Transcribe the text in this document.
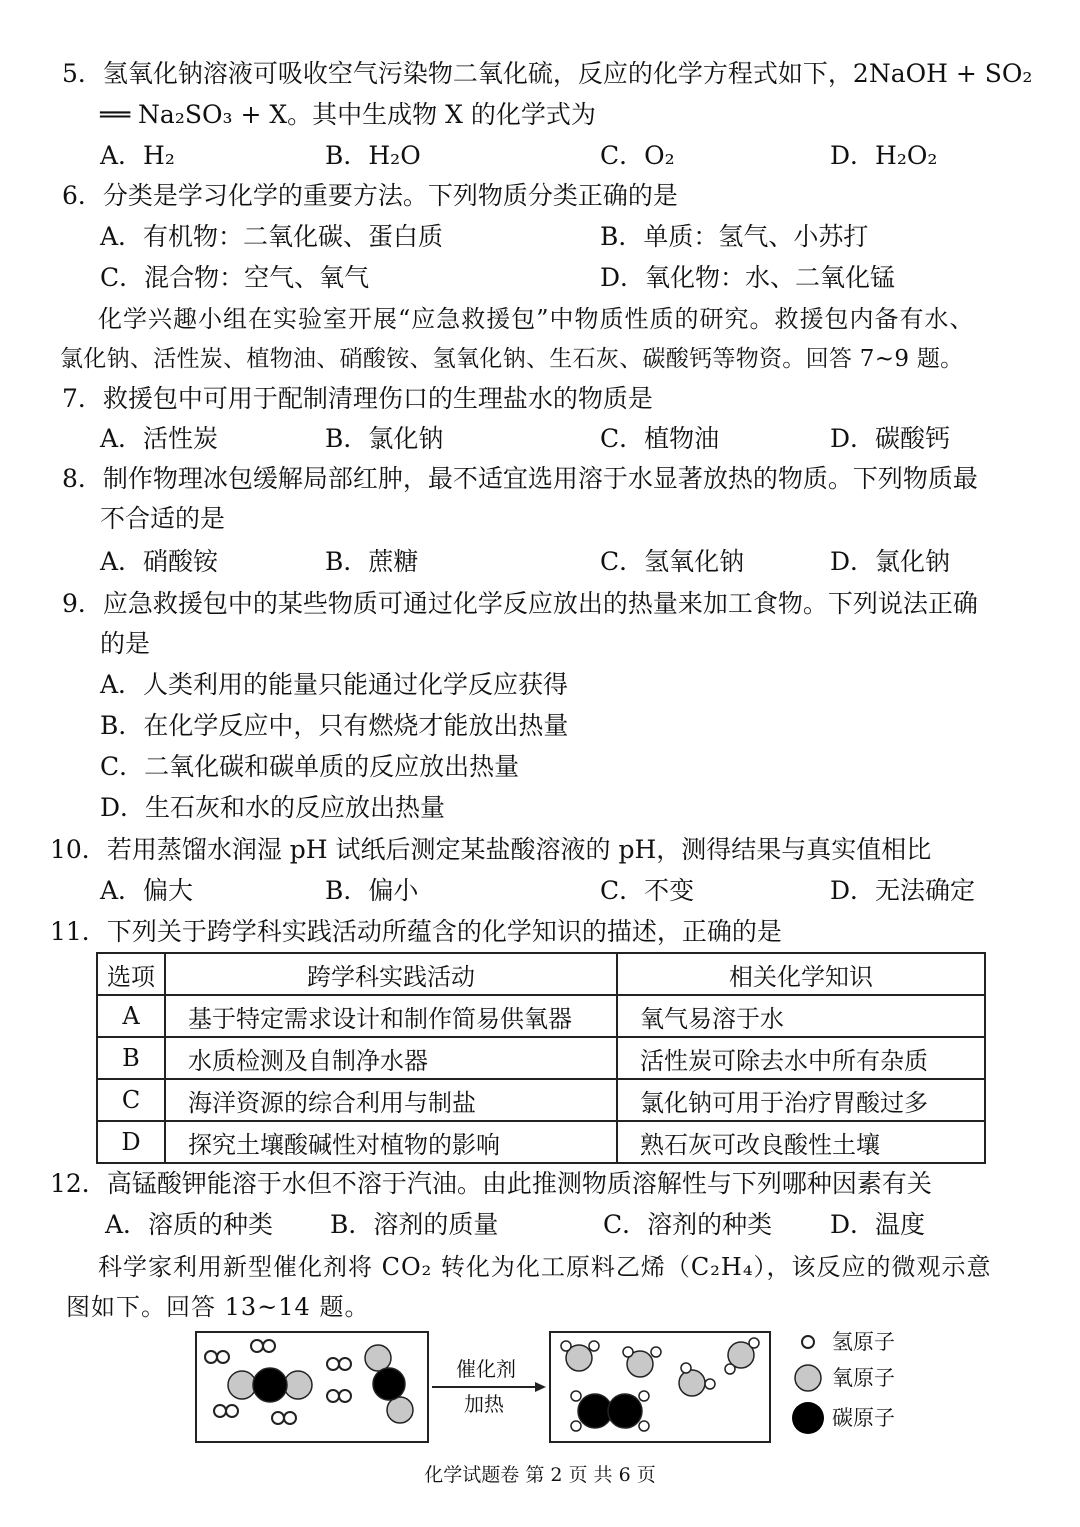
5．氢氧化钠溶液可吸收空气污染物二氧化硫，反应的化学方程式如下，2NaOH + SO₂
══ Na₂SO₃ + X。其中生成物 X 的化学式为
A．H₂	B．H₂O	C．O₂	D．H₂O₂
6．分类是学习化学的重要方法。下列物质分类正确的是
A．有机物：二氧化碳、蛋白质	B．单质：氢气、小苏打
C．混合物：空气、氧气	D．氧化物：水、二氧化锰
化学兴趣小组在实验室开展“应急救援包”中物质性质的研究。救援包内备有水、
氯化钠、活性炭、植物油、硝酸铵、氢氧化钠、生石灰、碳酸钙等物资。回答 7~9 题。
7．救援包中可用于配制清理伤口的生理盐水的物质是
A．活性炭	B．氯化钠	C．植物油	D．碳酸钙
8．制作物理冰包缓解局部红肿，最不适宜选用溶于水显著放热的物质。下列物质最
不合适的是
A．硝酸铵	B．蔗糖	C．氢氧化钠	D．氯化钠
9．应急救援包中的某些物质可通过化学反应放出的热量来加工食物。下列说法正确
的是
A．人类利用的能量只能通过化学反应获得
B．在化学反应中，只有燃烧才能放出热量
C．二氧化碳和碳单质的反应放出热量
D．生石灰和水的反应放出热量
10．若用蒸馏水润湿 pH 试纸后测定某盐酸溶液的 pH，测得结果与真实值相比
A．偏大	B．偏小	C．不变	D．无法确定
11．下列关于跨学科实践活动所蕴含的化学知识的描述，正确的是
选项	跨学科实践活动	相关化学知识
A	基于特定需求设计和制作简易供氧器	氧气易溶于水
B	水质检测及自制净水器	活性炭可除去水中所有杂质
C	海洋资源的综合利用与制盐	氯化钠可用于治疗胃酸过多
D	探究土壤酸碱性对植物的影响	熟石灰可改良酸性土壤
12．高锰酸钾能溶于水但不溶于汽油。由此推测物质溶解性与下列哪种因素有关
A．溶质的种类 B．溶剂的质量	C．溶剂的种类 D．温度
科学家利用新型催化剂将 CO₂ 转化为化工原料乙烯（C₂H₄），该反应的微观示意
图如下。回答 13~14 题。
催化剂
加热
氢原子
氧原子
碳原子
化学试题卷 第 2 页 共 6 页
